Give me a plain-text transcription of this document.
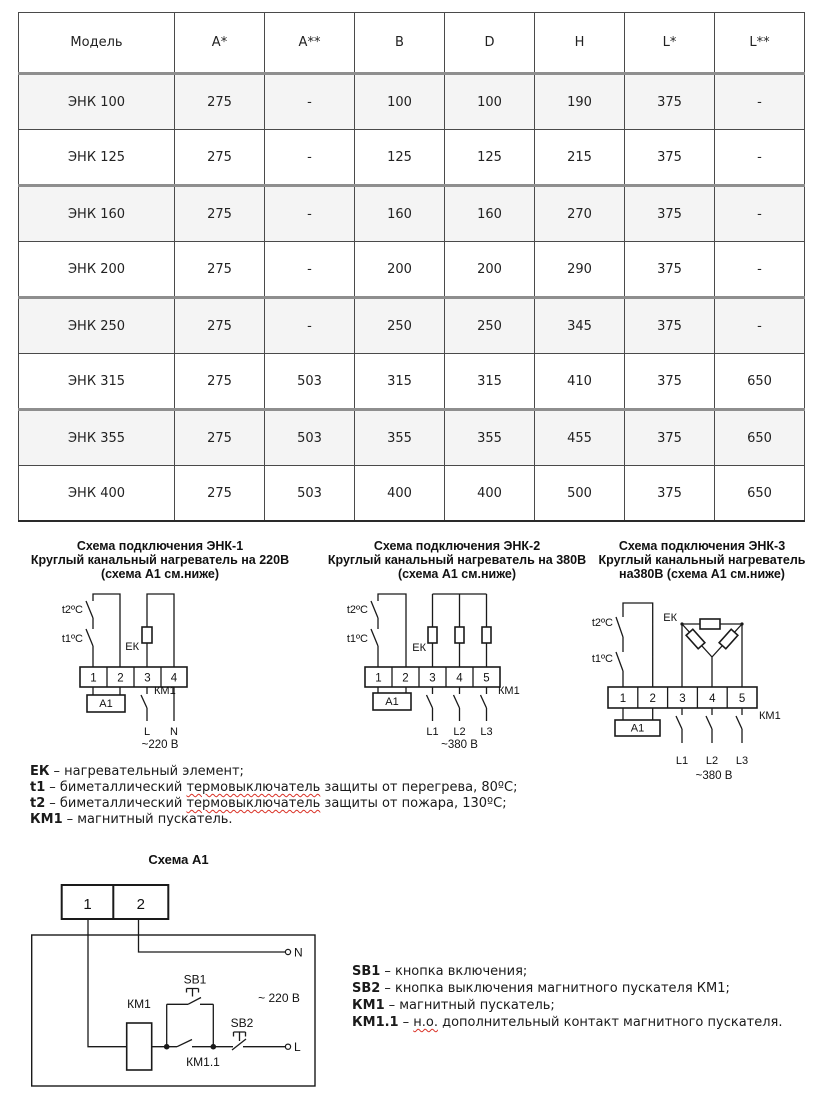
Модель	A*	A**	B	D	H	L*	L**
ЭНК 100	275	-	100	100	190	375	-
ЭНК 125	275	-	125	125	215	375	-
ЭНК 160	275	-	160	160	270	375	-
ЭНК 200	275	-	200	200	290	375	-
ЭНК 250	275	-	250	250	345	375	-
ЭНК 315	275	503	315	315	410	375	650
ЭНК 355	275	503	355	355	455	375	650
ЭНК 400	275	503	400	400	500	375	650
Схема подключения ЭНК-1
Круглый канальный нагреватель на 220В
(схема А1 см.ниже)
Схема подключения ЭНК-2
Круглый канальный нагреватель на 380В
(схема А1 см.ниже)
Схема подключения ЭНК-3
Круглый канальный нагреватель
на380В (схема А1 см.ниже)
1 2 3 4
А1
t2ºC
t1ºC
ЕК
КМ1
L N
~220 В
1 2 3 4 5
А1
t2ºC
t1ºC
ЕК
КМ1
L1 L2 L3
~380 В
1 2 3 4 5
А1
t2ºC
t1ºC
ЕК
КМ1
L1 L2 L3
~380 В
ЕК – нагревательный элемент;
t1 – биметаллический термовыключатель защиты от перегрева, 80ºС;
t2 – биметаллический термовыключатель защиты от пожара, 130ºС;
КМ1 – магнитный пускатель.
Схема А1
1	2
N
L
КМ1
SB1
SB2
КМ1.1
~ 220 В
SB1 – кнопка включения;
SB2 – кнопка выключения магнитного пускателя КМ1;
КМ1 – магнитный пускатель;
КМ1.1 – н.о. дополнительный контакт магнитного пускателя.
